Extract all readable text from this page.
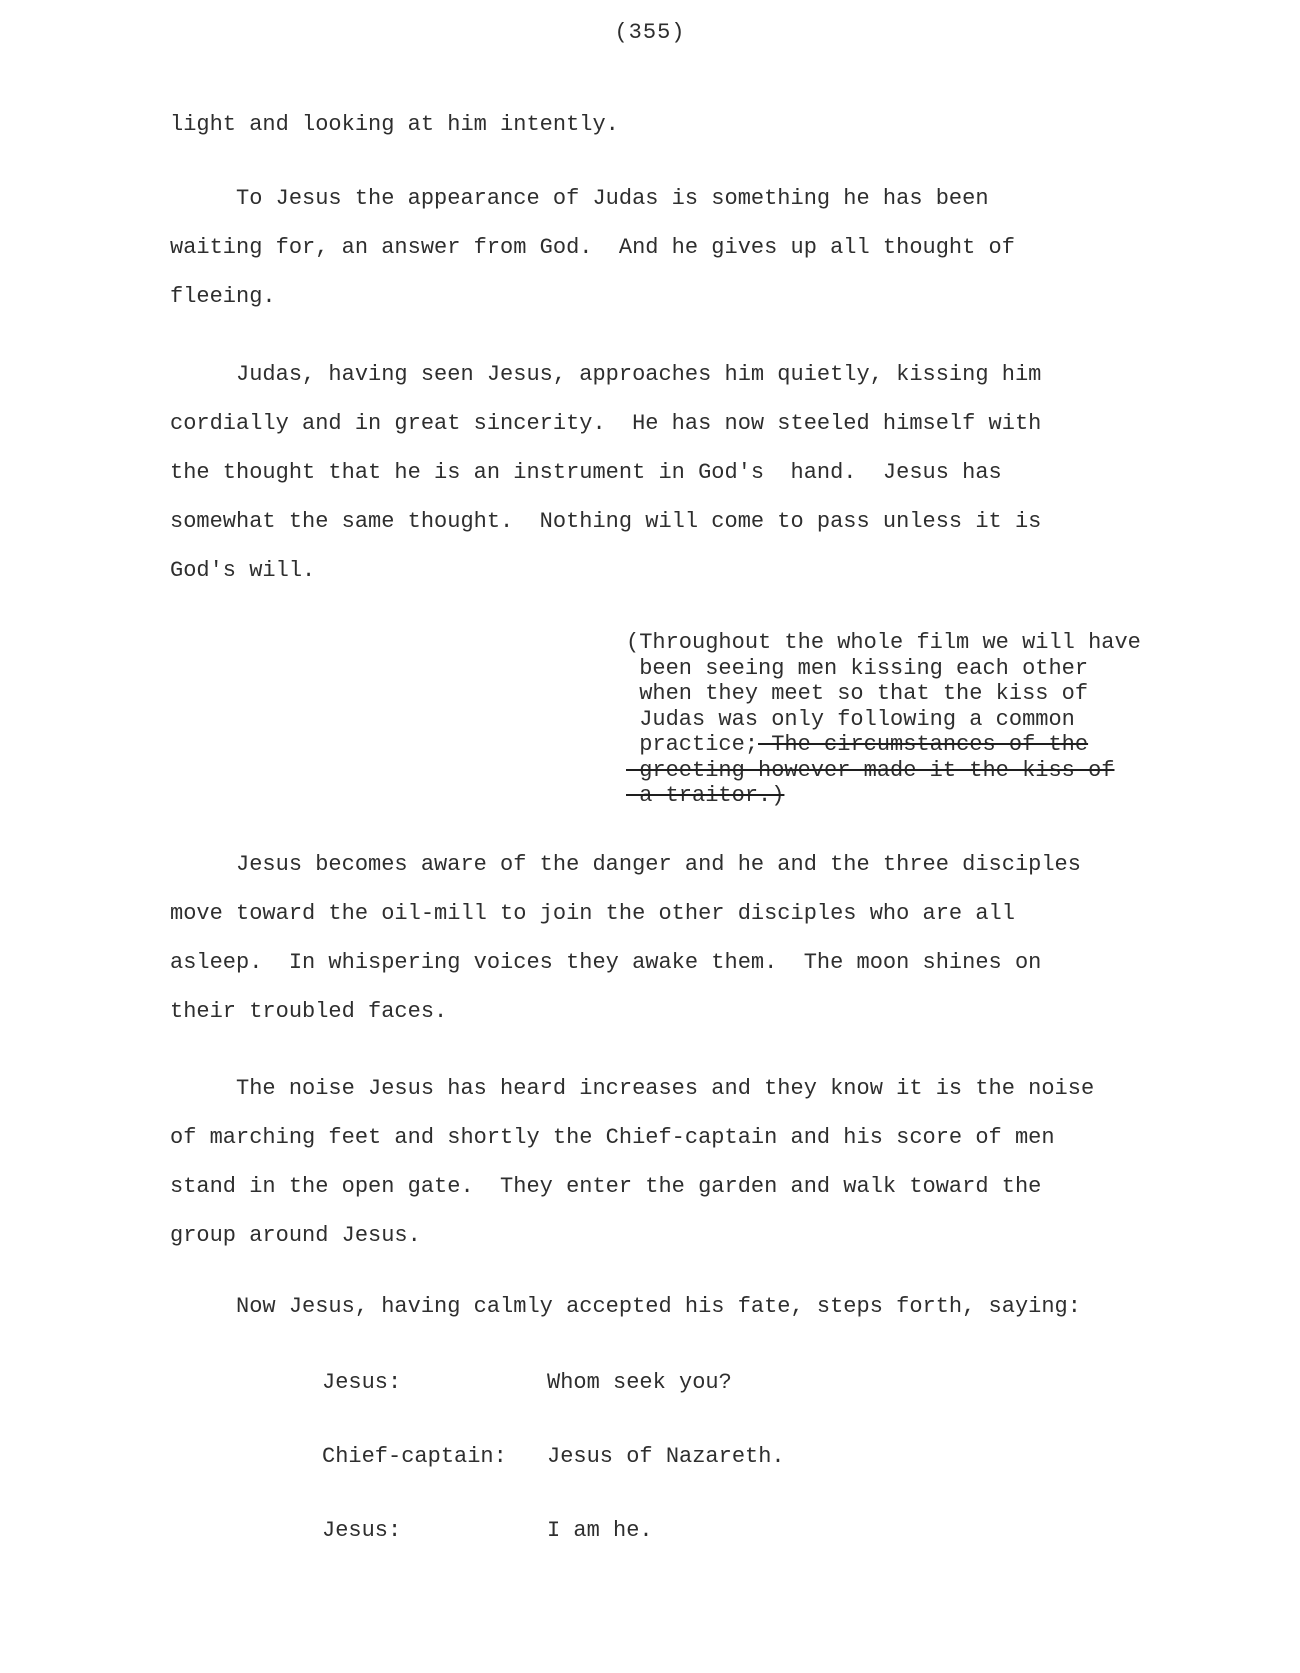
(355)

light and looking at him intently.

To Jesus the appearance of Judas is something he has been
waiting for, an answer from God.  And he gives up all thought of
fleeing.

Judas, having seen Jesus, approaches him quietly, kissing him
cordially and in great sincerity.  He has now steeled himself with
the thought that he is an instrument in God's  hand.  Jesus has
somewhat the same thought.  Nothing will come to pass unless it is
God's will.

(Throughout the whole film we will have
been seeing men kissing each other
when they meet so that the kiss of
Judas was only following a common
practice; The circumstances of the
greeting however made it the kiss of
a traitor.)

Jesus becomes aware of the danger and he and the three disciples
move toward the oil-mill to join the other disciples who are all
asleep.  In whispering voices they awake them.  The moon shines on
their troubled faces.

The noise Jesus has heard increases and they know it is the noise
of marching feet and shortly the Chief-captain and his score of men
stand in the open gate.  They enter the garden and walk toward the
group around Jesus.

Now Jesus, having calmly accepted his fate, steps forth, saying:

Jesus:	Whom seek you?
Chief-captain:	Jesus of Nazareth.
Jesus:	I am he.
